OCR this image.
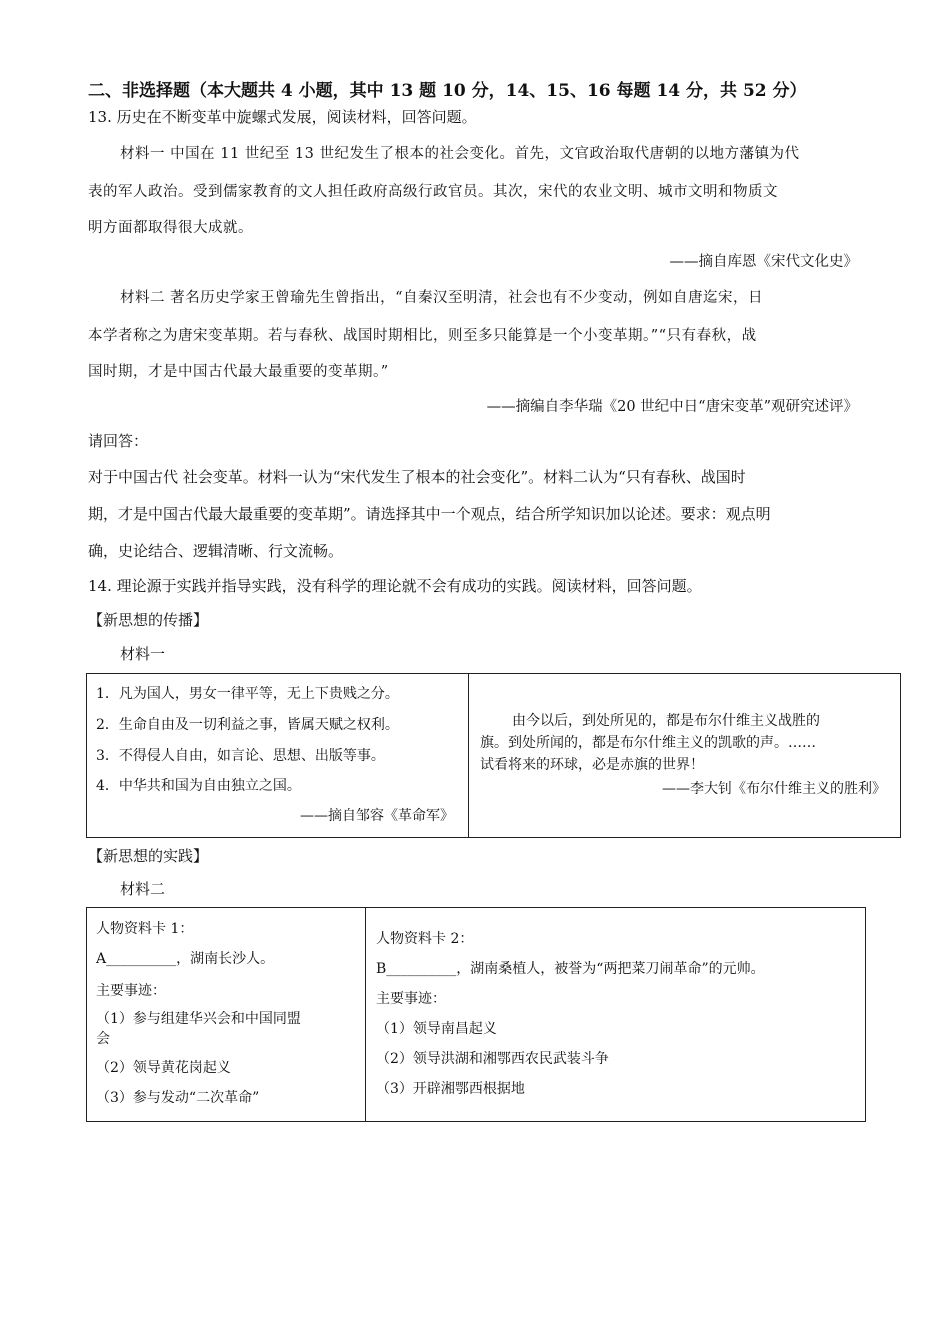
二、非选择题（本大题共 4 小题，其中 13 题 10 分，14、15、16 每题 14 分，共 52 分）
13. 历史在不断变革中旋螺式发展，阅读材料，回答问题。
材料一 中国在 11 世纪至 13 世纪发生了根本的社会变化。首先，文官政治取代唐朝的以地方藩镇为代
表的军人政治。受到儒家教育的文人担任政府高级行政官员。其次，宋代的农业文明、城市文明和物质文
明方面都取得很大成就。
——摘自库恩《宋代文化史》
材料二 著名历史学家王曾瑜先生曾指出，“自秦汉至明清，社会也有不少变动，例如自唐迄宋，日
本学者称之为唐宋变革期。若与春秋、战国时期相比，则至多只能算是一个小变革期。”“只有春秋，战
国时期，才是中国古代最大最重要的变革期。”
——摘编自李华瑞《20 世纪中日“唐宋变革”观研究述评》
请回答：
对于中国古代 社会变革。材料一认为“宋代发生了根本的社会变化”。材料二认为“只有春秋、战国时
期，才是中国古代最大最重要的变革期”。请选择其中一个观点，结合所学知识加以论述。要求：观点明
确，史论结合、逻辑清晰、行文流畅。
14. 理论源于实践并指导实践，没有科学的理论就不会有成功的实践。阅读材料，回答问题。
【新思想的传播】
材料一
1．凡为国人，男女一律平等，无上下贵贱之分。
2．生命自由及一切利益之事，皆属天赋之权利。
3．不得侵人自由，如言论、思想、出版等事。
4．中华共和国为自由独立之国。
——摘自邹容《革命军》
由今以后，到处所见的，都是布尔什维主义战胜的
旗。到处所闻的，都是布尔什维主义的凯歌的声。……
试看将来的环球，必是赤旗的世界！
——李大钊《布尔什维主义的胜利》
【新思想的实践】
材料二
人物资料卡 1：
A__________，湖南长沙人。
主要事迹：
（1）参与组建华兴会和中国同盟
会
（2）领导黄花岗起义
（3）参与发动“二次革命”
人物资料卡 2：
B__________，湖南桑植人，被誉为“两把菜刀闹革命”的元帅。
主要事迹：
（1）领导南昌起义
（2）领导洪湖和湘鄂西农民武装斗争
（3）开辟湘鄂西根据地
